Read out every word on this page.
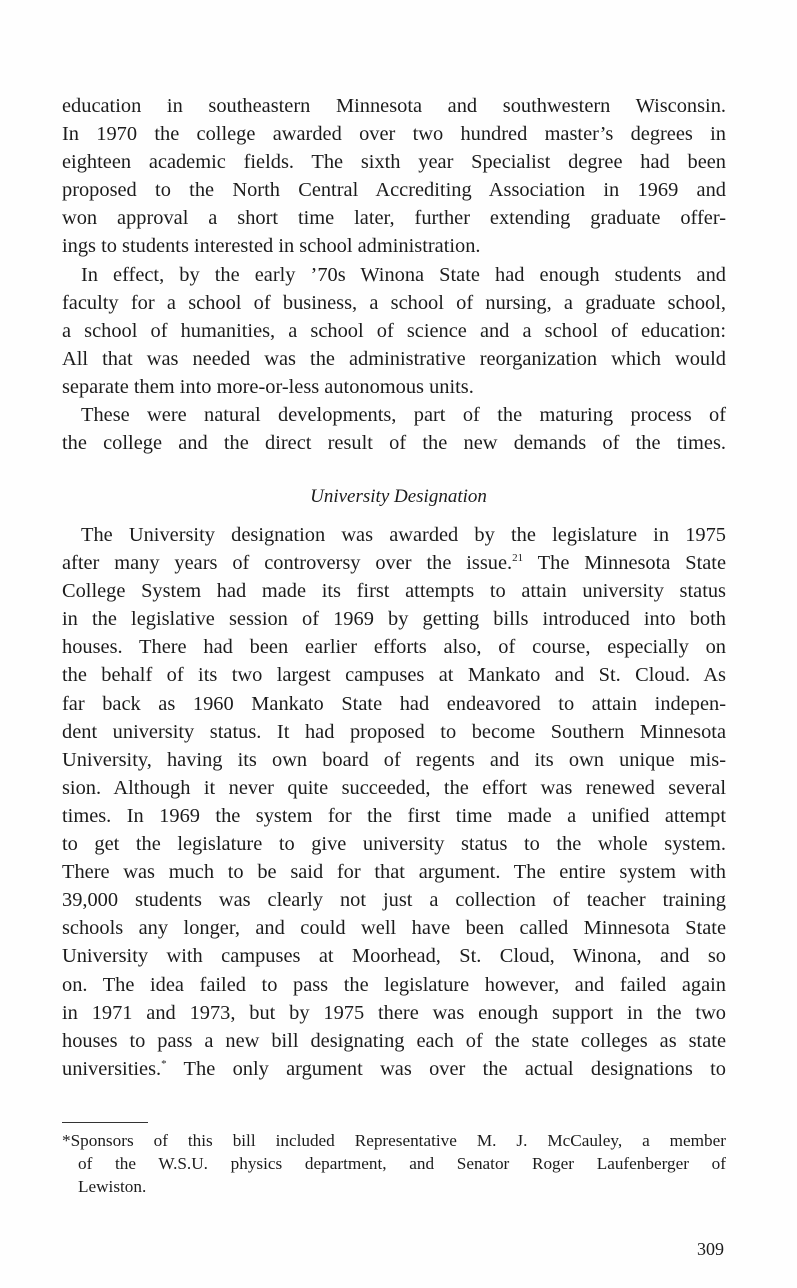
education in southeastern Minnesota and southwestern Wisconsin.
In 1970 the college awarded over two hundred master’s degrees in
eighteen academic fields. The sixth year Specialist degree had been
proposed to the North Central Accrediting Association in 1969 and
won approval a short time later, further extending graduate offer-
ings to students interested in school administration.
In effect, by the early ’70s Winona State had enough students and
faculty for a school of business, a school of nursing, a graduate school,
a school of humanities, a school of science and a school of education:
All that was needed was the administrative reorganization which would
separate them into more-or-less autonomous units.
These were natural developments, part of the maturing process of
the college and the direct result of the new demands of the times.
University Designation
The University designation was awarded by the legislature in 1975
after many years of controversy over the issue.$^{21}$ The Minnesota State
College System had made its first attempts to attain university status
in the legislative session of 1969 by getting bills introduced into both
houses. There had been earlier efforts also, of course, especially on
the behalf of its two largest campuses at Mankato and St. Cloud. As
far back as 1960 Mankato State had endeavored to attain indepen-
dent university status. It had proposed to become Southern Minnesota
University, having its own board of regents and its own unique mis-
sion. Although it never quite succeeded, the effort was renewed several
times. In 1969 the system for the first time made a unified attempt
to get the legislature to give university status to the whole system.
There was much to be said for that argument. The entire system with
39,000 students was clearly not just a collection of teacher training
schools any longer, and could well have been called Minnesota State
University with campuses at Moorhead, St. Cloud, Winona, and so
on. The idea failed to pass the legislature however, and failed again
in 1971 and 1973, but by 1975 there was enough support in the two
houses to pass a new bill designating each of the state colleges as state
universities.* The only argument was over the actual designations to
*Sponsors of this bill included Representative M. J. McCauley, a member
of the W.S.U. physics department, and Senator Roger Laufenberger of
Lewiston.
309
